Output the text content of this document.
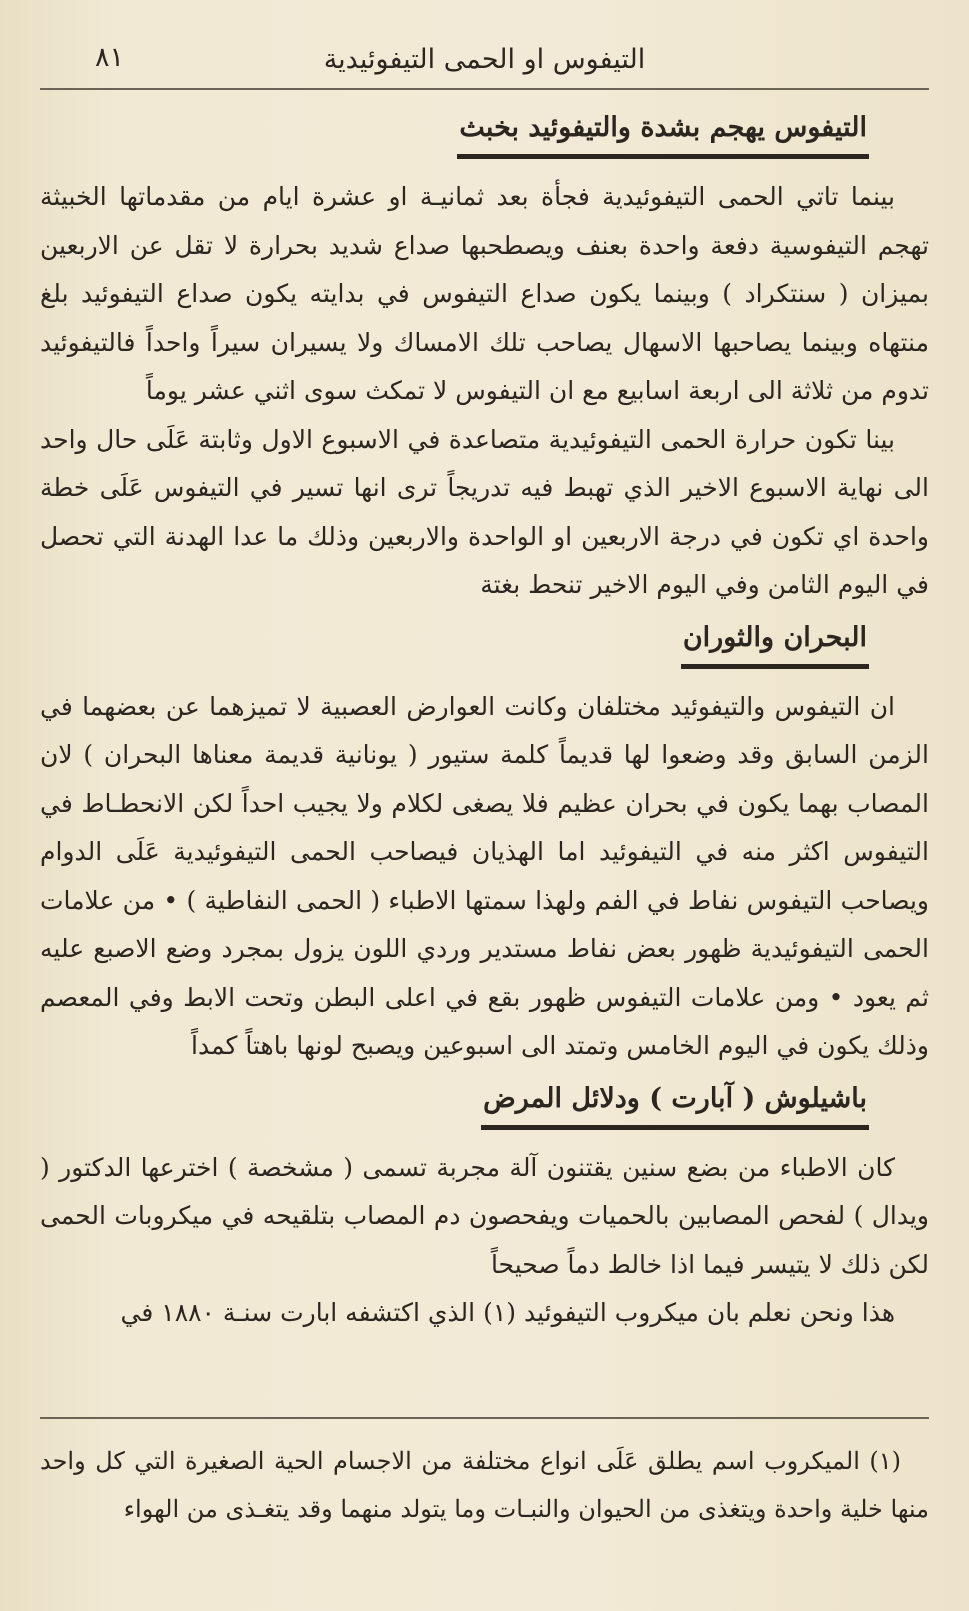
التيفوس او الحمى التيفوئيدية
٨١
التيفوس يهجم بشدة والتيفوئيد بخبث

بينما تاتي الحمى التيفوئيدية فجأة بعد ثمانيـة او عشرة ايام من مقدماتها الخبيثة تهجم التيفوسية دفعة واحدة بعنف ويصطحبها صداع شديد بحرارة لا تقل عن الاربعين بميزان ( سنتكراد ) وبينما يكون صداع التيفوس في بدايته يكون صداع التيفوئيد بلغ منتهاه وبينما يصاحبها الاسهال يصاحب تلك الامساك ولا يسيران سيراً واحداً فالتيفوئيد تدوم من ثلاثة الى اربعة اسابيع مع ان التيفوس لا تمكث سوى اثني عشر يوماً

بينا تكون حرارة الحمى التيفوئيدية متصاعدة في الاسبوع الاول وثابتة عَلَى حال واحد الى نهاية الاسبوع الاخير الذي تهبط فيه تدريجاً ترى انها تسير في التيفوس عَلَى خطة واحدة اي تكون في درجة الاربعين او الواحدة والاربعين وذلك ما عدا الهدنة التي تحصل في اليوم الثامن وفي اليوم الاخير تنحط بغتة

البحران والثوران

ان التيفوس والتيفوئيد مختلفان وكانت العوارض العصبية لا تميزهما عن بعضهما في الزمن السابق وقد وضعوا لها قديماً كلمة ستيور ( يونانية قديمة معناها البحران ) لان المصاب بهما يكون في بحران عظيم فلا يصغى لكلام ولا يجيب احداً لكن الانحطـاط في التيفوس اكثر منه في التيفوئيد اما الهذيان فيصاحب الحمى التيفوئيدية عَلَى الدوام ويصاحب التيفوس نفاط في الفم ولهذا سمتها الاطباء ( الحمى النفاطية ) • من علامات الحمى التيفوئيدية ظهور بعض نفاط مستدير وردي اللون يزول بمجرد وضع الاصبع عليه ثم يعود • ومن علامات التيفوس ظهور بقع في اعلى البطن وتحت الابط وفي المعصم وذلك يكون في اليوم الخامس وتمتد الى اسبوعين ويصبح لونها باهتاً كمداً

باشيلوش ( آبارت ) ودلائل المرض

كان الاطباء من بضع سنين يقتنون آلة مجربة تسمى ( مشخصة ) اخترعها الدكتور ( ويدال ) لفحص المصابين بالحميات ويفحصون دم المصاب بتلقيحه في ميكروبات الحمى لكن ذلك لا يتيسر فيما اذا خالط دماً صحيحاً

هذا ونحن نعلم بان ميكروب التيفوئيد (١) الذي اكتشفه ابارت سنـة ١٨٨٠ في

(١) الميكروب اسم يطلق عَلَى انواع مختلفة من الاجسام الحية الصغيرة التي كل واحد منها خلية واحدة ويتغذى من الحيوان والنبـات وما يتولد منهما وقد يتغـذى من الهواء
